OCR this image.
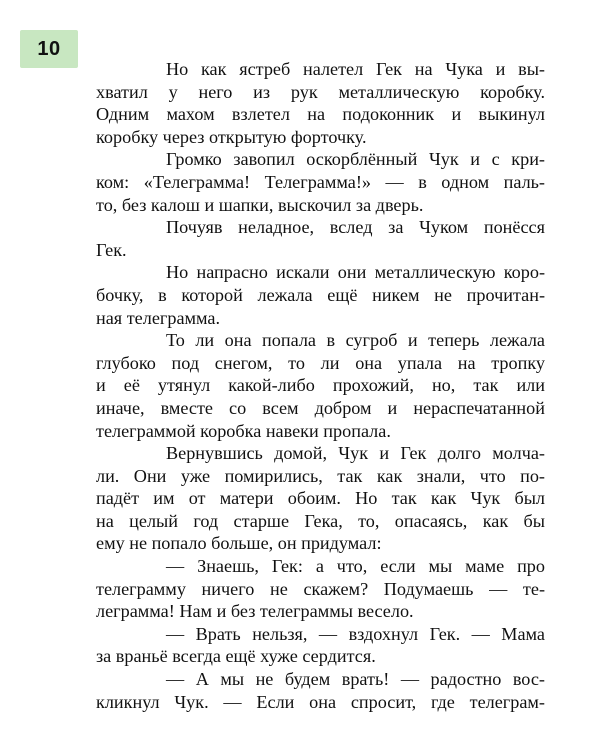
10

Но как ястреб налетел Гек на Чука и вы-
хватил у него из рук металлическую коробку.
Одним махом взлетел на подоконник и выкинул
коробку через открытую форточку.

Громко завопил оскорблённый Чук и с кри-
ком: «Телеграмма! Телеграмма!» — в одном паль-
то, без калош и шапки, выскочил за дверь.

Почуяв неладное, вслед за Чуком понёсся
Гек.

Но напрасно искали они металлическую коро-
бочку, в которой лежала ещё никем не прочитан-
ная телеграмма.

То ли она попала в сугроб и теперь лежала
глубоко под снегом, то ли она упала на тропку
и её утянул какой-либо прохожий, но, так или
иначе, вместе со всем добром и нераспечатанной
телеграммой коробка навеки пропала.

Вернувшись домой, Чук и Гек долго молча-
ли. Они уже помирились, так как знали, что по-
падёт им от матери обоим. Но так как Чук был
на целый год старше Гека, то, опасаясь, как бы
ему не попало больше, он придумал:

— Знаешь, Гек: а что, если мы маме про
телеграмму ничего не скажем? Подумаешь — те-
леграмма! Нам и без телеграммы весело.

— Врать нельзя, — вздохнул Гек. — Мама
за враньё всегда ещё хуже сердится.

— А мы не будем врать! — радостно вос-
кликнул Чук. — Если она спросит, где телеграм-
